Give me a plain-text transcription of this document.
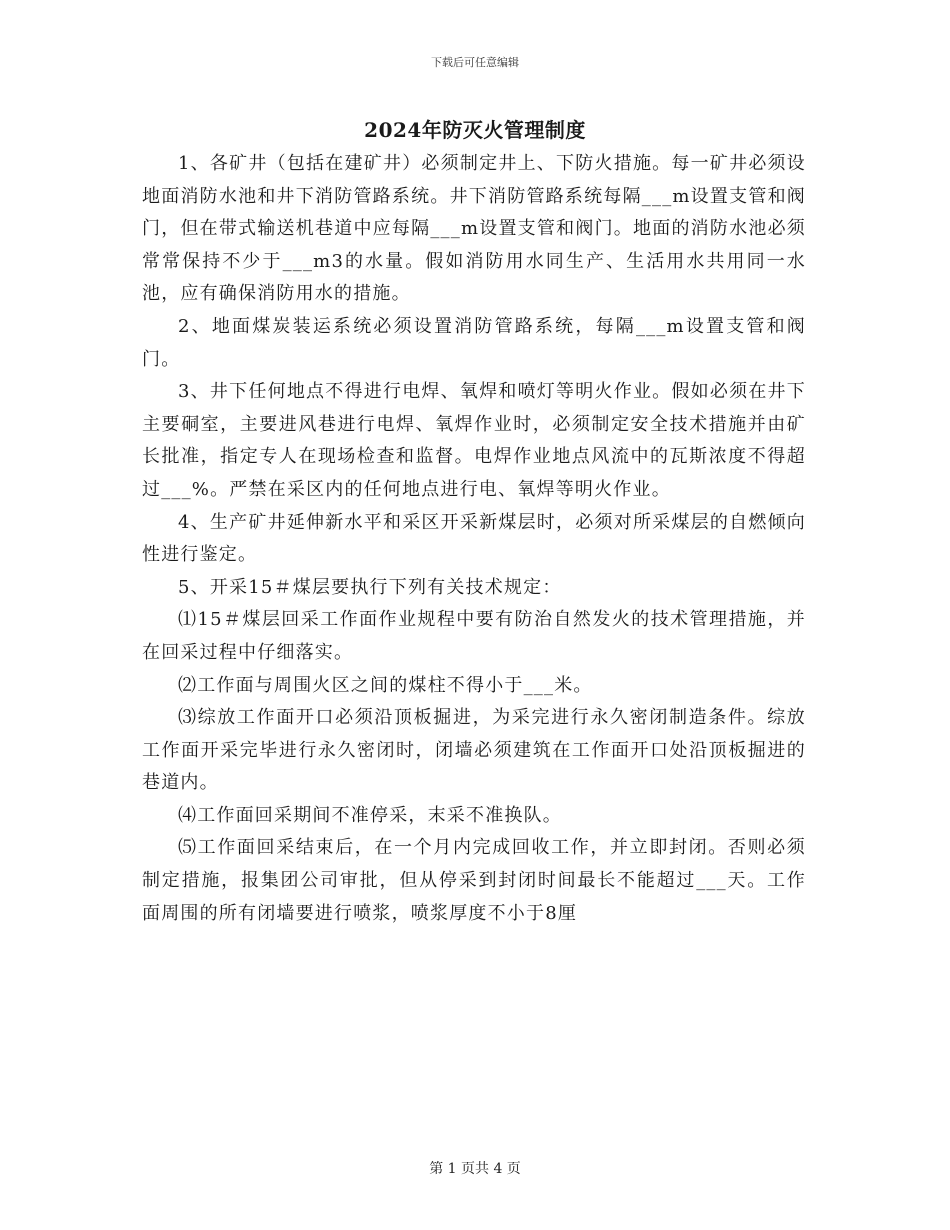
下载后可任意编辑
2024年防灭火管理制度

1、各矿井（包括在建矿井）必须制定井上、下防火措施。每一矿井必须设地面消防水池和井下消防管路系统。井下消防管路系统每隔___m设置支管和阀门，但在带式输送机巷道中应每隔___m设置支管和阀门。地面的消防水池必须常常保持不少于___m3的水量。假如消防用水同生产、生活用水共用同一水池，应有确保消防用水的措施。

2、地面煤炭装运系统必须设置消防管路系统，每隔___m设置支管和阀门。

3、井下任何地点不得进行电焊、氧焊和喷灯等明火作业。假如必须在井下主要硐室，主要进风巷进行电焊、氧焊作业时，必须制定安全技术措施并由矿长批准，指定专人在现场检查和监督。电焊作业地点风流中的瓦斯浓度不得超过___%。严禁在采区内的任何地点进行电、氧焊等明火作业。

4、生产矿井延伸新水平和采区开采新煤层时，必须对所采煤层的自燃倾向性进行鉴定。

5、开采15＃煤层要执行下列有关技术规定：

⑴15＃煤层回采工作面作业规程中要有防治自然发火的技术管理措施，并在回采过程中仔细落实。

⑵工作面与周围火区之间的煤柱不得小于___米。

⑶综放工作面开口必须沿顶板掘进，为采完进行永久密闭制造条件。综放工作面开采完毕进行永久密闭时，闭墙必须建筑在工作面开口处沿顶板掘进的巷道内。

⑷工作面回采期间不准停采，末采不准换队。

⑸工作面回采结束后，在一个月内完成回收工作，并立即封闭。否则必须制定措施，报集团公司审批，但从停采到封闭时间最长不能超过___天。工作面周围的所有闭墙要进行喷浆，喷浆厚度不小于8厘

第 1 页共 4 页
